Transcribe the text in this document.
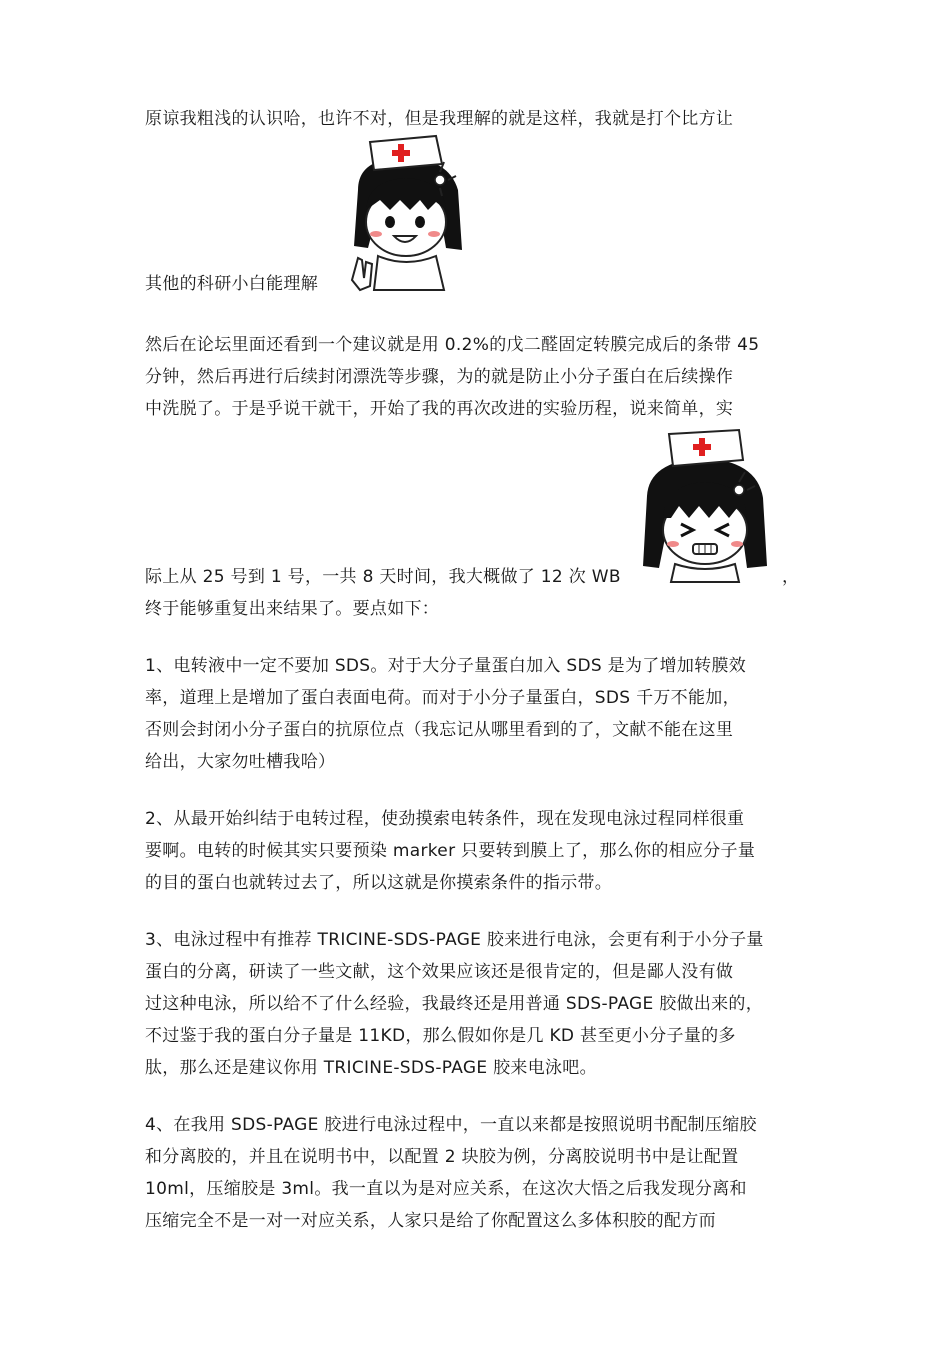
原谅我粗浅的认识哈，也许不对，但是我理解的就是这样，我就是打个比方让
其他的科研小白能理解
然后在论坛里面还看到一个建议就是用 0.2%的戊二醛固定转膜完成后的条带 45
分钟，然后再进行后续封闭漂洗等步骤，为的就是防止小分子蛋白在后续操作
中洗脱了。于是乎说干就干，开始了我的再次改进的实验历程，说来简单，实
际上从 25 号到 1 号，一共 8 天时间，我大概做了 12 次 WB	，
终于能够重复出来结果了。要点如下：
1、电转液中一定不要加 SDS。对于大分子量蛋白加入 SDS 是为了增加转膜效
率，道理上是增加了蛋白表面电荷。而对于小分子量蛋白，SDS 千万不能加，
否则会封闭小分子蛋白的抗原位点（我忘记从哪里看到的了，文献不能在这里
给出，大家勿吐槽我哈）
2、从最开始纠结于电转过程，使劲摸索电转条件，现在发现电泳过程同样很重
要啊。电转的时候其实只要预染 marker 只要转到膜上了，那么你的相应分子量
的目的蛋白也就转过去了，所以这就是你摸索条件的指示带。
3、电泳过程中有推荐 TRICINE-SDS-PAGE 胶来进行电泳，会更有利于小分子量
蛋白的分离，研读了一些文献，这个效果应该还是很肯定的，但是鄙人没有做
过这种电泳，所以给不了什么经验，我最终还是用普通 SDS-PAGE 胶做出来的，
不过鉴于我的蛋白分子量是 11KD，那么假如你是几 KD 甚至更小分子量的多
肽，那么还是建议你用 TRICINE-SDS-PAGE 胶来电泳吧。
4、在我用 SDS-PAGE 胶进行电泳过程中，一直以来都是按照说明书配制压缩胶
和分离胶的，并且在说明书中，以配置 2 块胶为例，分离胶说明书中是让配置
10ml，压缩胶是 3ml。我一直以为是对应关系，在这次大悟之后我发现分离和
压缩完全不是一对一对应关系，人家只是给了你配置这么多体积胶的配方而
